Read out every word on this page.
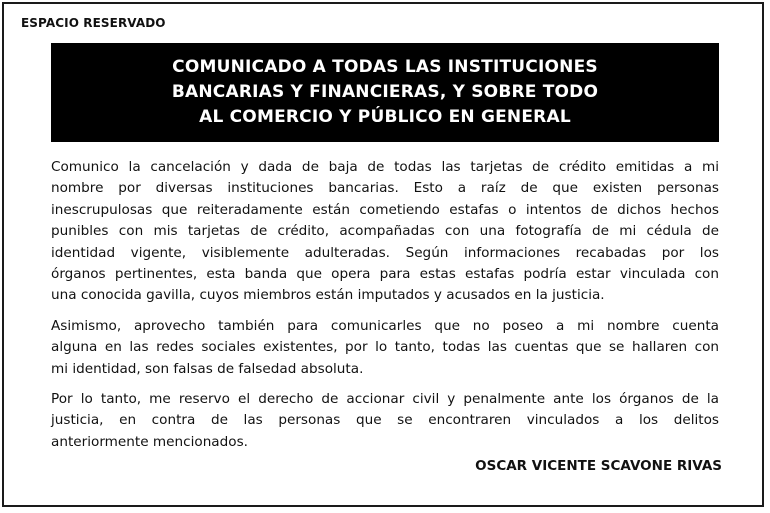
ESPACIO RESERVADO
COMUNICADO A TODAS LAS INSTITUCIONES
BANCARIAS Y FINANCIERAS, Y SOBRE TODO
AL COMERCIO Y PÚBLICO EN GENERAL

Comunico la cancelación y dada de baja de todas las tarjetas de crédito emitidas a mi
nombre por diversas instituciones bancarias. Esto a raíz de que existen personas
inescrupulosas que reiteradamente están cometiendo estafas o intentos de dichos hechos
punibles con mis tarjetas de crédito, acompañadas con una fotografía de mi cédula de
identidad vigente, visiblemente adulteradas. Según informaciones recabadas por los
órganos pertinentes, esta banda que opera para estas estafas podría estar vinculada con
una conocida gavilla, cuyos miembros están imputados y acusados en la justicia.

Asimismo, aprovecho también para comunicarles que no poseo a mi nombre cuenta
alguna en las redes sociales existentes, por lo tanto, todas las cuentas que se hallaren con
mi identidad, son falsas de falsedad absoluta.

Por lo tanto, me reservo el derecho de accionar civil y penalmente ante los órganos de la
justicia, en contra de las personas que se encontraren vinculados a los delitos
anteriormente mencionados.

OSCAR VICENTE SCAVONE RIVAS
